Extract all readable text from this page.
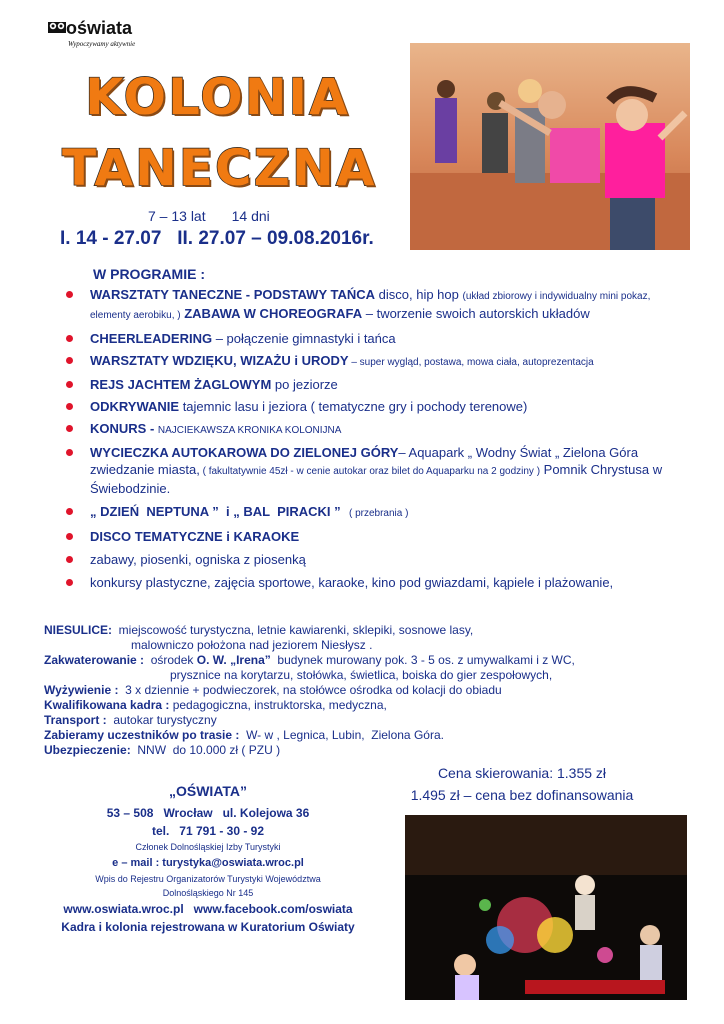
oświata
Wypoczywamy aktywnie
KOLONIA
TANECZNA
7 – 13 lat 14 dni
I. 14 - 27.07   II. 27.07 – 09.08.2016r.
W PROGRAMIE :
WARSZTATY TANECZNE - PODSTAWY TAŃCA disco, hip hop (układ zbiorowy i indywidualny mini pokaz, elementy aerobiku, ) ZABAWA W CHOREOGRAFA – tworzenie swoich autorskich układów
CHEERLEADERING – połączenie gimnastyki i tańca
WARSZTATY WDZIĘKU, WIZAŻU i URODY – super wygląd, postawa, mowa ciała, autoprezentacja
REJS JACHTEM ŻAGLOWYM po jeziorze
ODKRYWANIE tajemnic lasu i jeziora ( tematyczne gry i pochody terenowe)
KONURS - NAJCIEKAWSZA KRONIKA KOLONIJNA
WYCIECZKA AUTOKAROWA DO ZIELONEJ GÓRY– Aquapark „ Wodny Świat „ Zielona Góra zwiedzanie miasta, ( fakultatywnie 45zł - w cenie autokar oraz bilet do Aquaparku na 2 godziny ) Pomnik Chrystusa w Świebodzinie.
„ DZIEŃ  NEPTUNA ”  i „ BAL  PIRACKI ”   ( przebrania )
DISCO TEMATYCZNE i KARAOKE
zabawy, piosenki, ogniska z piosenką
konkursy plastyczne, zajęcia sportowe, karaoke, kino pod gwiazdami, kąpiele i plażowanie,
NIESULICE:  miejscowość turystyczna, letnie kawiarenki, sklepiki, sosnowe lasy,
malowniczo położona nad jeziorem Niesłysz .
Zakwaterowanie :  ośrodek O. W. „Irena”  budynek murowany pok. 3 - 5 os. z umywalkami i z WC,
prysznice na korytarzu, stołówka, świetlica, boiska do gier zespołowych,
Wyżywienie :  3 x dziennie + podwieczorek, na stołówce ośrodka od kolacji do obiadu
Kwalifikowana kadra : pedagogiczna, instruktorska, medyczna,
Transport :  autokar turystyczny
Zabieramy uczestników po trasie :  W- w , Legnica, Lubin,  Zielona Góra.
Ubezpieczenie:  NNW  do 10.000 zł ( PZU )
Cena skierowania: 1.355 zł
1.495 zł – cena bez dofinansowania
„OŚWIATA”
53 – 508   Wrocław   ul. Kolejowa 36
tel.   71 791 - 30 - 92
Członek Dolnośląskiej Izby Turystyki
e – mail : turystyka@oswiata.wroc.pl
Wpis do Rejestru Organizatorów Turystyki Województwa
Dolnośląskiego Nr 145
www.oswiata.wroc.pl   www.facebook.com/oswiata
Kadra i kolonia rejestrowana w Kuratorium Oświaty
